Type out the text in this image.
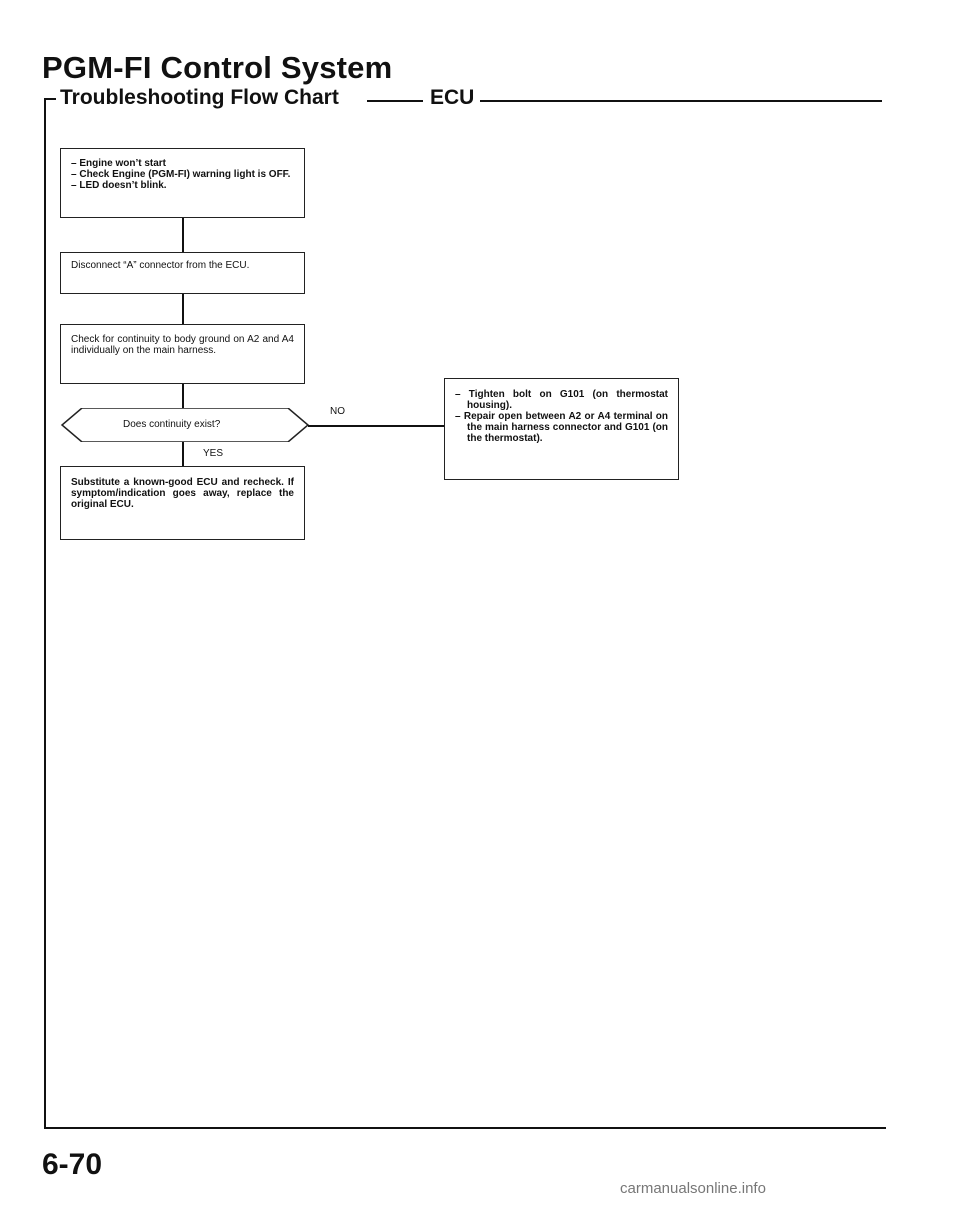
PGM-FI Control System
Troubleshooting Flow Chart	ECU
– Engine won’t start
– Check Engine (PGM-FI) warning light is OFF.
– LED doesn’t blink.
Disconnect “A” connector from the ECU.
Check for continuity to body ground on A2 and A4 individually on the main harness.
Does continuity exist?
NO
– Tighten bolt on G101 (on thermostat housing).
– Repair open between A2 or A4 terminal on the main harness connector and G101 (on the thermostat).
YES
Substitute a known-good ECU and recheck. If symptom/indication goes away, replace the original ECU.
6-70
carmanualsonline.info
